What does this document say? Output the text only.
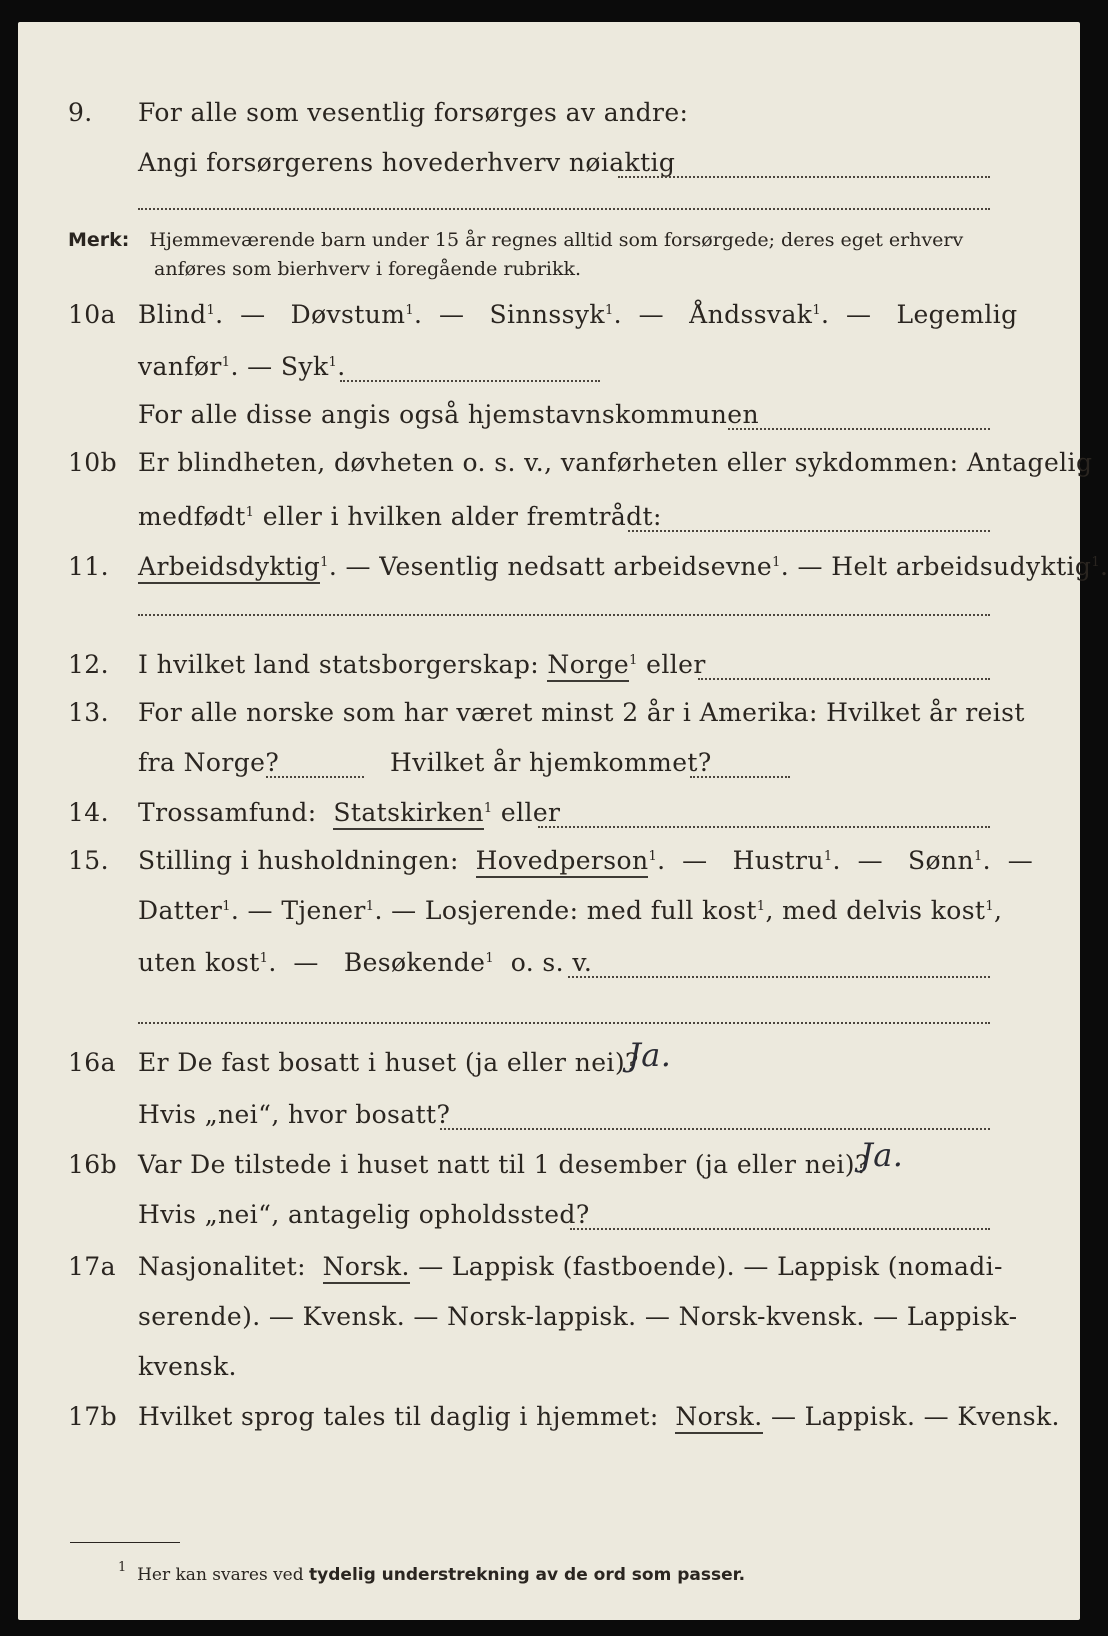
9. For alle som vesentlig forsørges av andre:
Angi forsørgerens hovederhverv nøiaktig
Merk: Hjemmeværende barn under 15 år regnes alltid som forsørgede; deres eget erhverv
anføres som bierhverv i foregående rubrikk.
10a Blind$^1$.  —   Døvstum$^1$.  —   Sinnssyk$^1$.  —   Åndssvak$^1$.  —   Legemlig
vanfør$^1$. — Syk$^1$.
For alle disse angis også hjemstavnskommunen
10b Er blindheten, døvheten o. s. v., vanførheten eller sykdommen: Antagelig
medfødt$^1$ eller i hvilken alder fremtrådt:
11. Arbeidsdyktig$^1$. — Vesentlig nedsatt arbeidsevne$^1$. — Helt arbeidsudyktig$^1$.
12. I hvilket land statsborgerskap: Norge$^1$ eller
13. For alle norske som har været minst 2 år i Amerika: Hvilket år reist
fra Norge?	Hvilket år hjemkommet?
14. Trossamfund: Statskirken$^1$ eller
15. Stilling i husholdningen: Hovedperson$^1$.  —   Hustru$^1$.  —   Sønn$^1$.  —
Datter$^1$. — Tjener$^1$. — Losjerende: med full kost$^1$, med delvis kost$^1$,
uten kost$^1$.  —   Besøkende$^1$ o. s. v.
16a Er De fast bosatt i huset (ja eller nei)?
Ja.
Hvis „nei“, hvor bosatt?
16b Var De tilstede i huset natt til 1 desember (ja eller nei)?
Ja.
Hvis „nei“, antagelig opholdssted?
17a Nasjonalitet: Norsk. — Lappisk (fastboende). — Lappisk (nomadi-
serende). — Kvensk. — Norsk-lappisk. — Norsk-kvensk. — Lappisk-
kvensk.
17b Hvilket sprog tales til daglig i hjemmet: Norsk. — Lappisk. — Kvensk.
$^1$ Her kan svares ved tydelig understrekning av de ord som passer.
